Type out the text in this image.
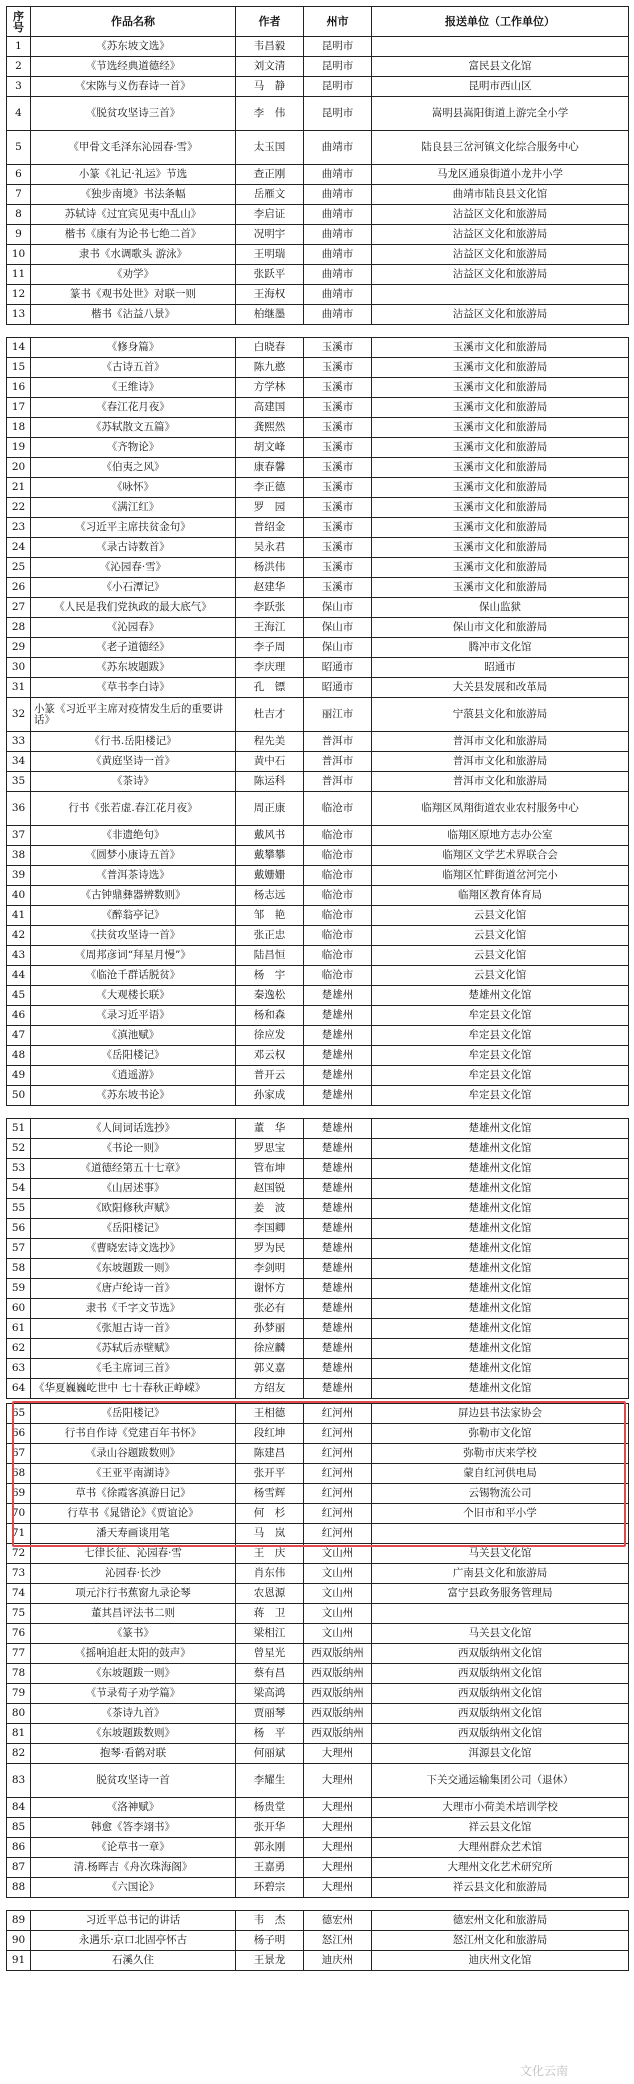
序号	作品名称	作者	州市	报送单位（工作单位）
1	《苏东坡文选》	韦昌毅	昆明市	
2	《节选经典道德经》	刘文清	昆明市	富民县文化馆
3	《宋陈与义伤春诗一首》	马　静	昆明市	昆明市西山区
4	《脱贫攻坚诗三首》	李　伟	昆明市	嵩明县嵩阳街道上游完全小学
5	《甲骨文毛泽东沁园春·雪》	太玉国	曲靖市	陆良县三岔河镇文化综合服务中心
6	小篆《礼记·礼运》节选	查正刚	曲靖市	马龙区通泉街道小龙井小学
7	《独步南境》书法条幅	岳雁文	曲靖市	曲靖市陆良县文化馆
8	苏轼诗《过宜宾见夷中乱山》	李启证	曲靖市	沾益区文化和旅游局
9	楷书《康有为论书七绝二首》	况明宇	曲靖市	沾益区文化和旅游局
10	隶书《水调歌头 游泳》	王明瑞	曲靖市	沾益区文化和旅游局
11	《劝学》	张跃平	曲靖市	沾益区文化和旅游局
12	篆书《观书处世》对联一则	王海权	曲靖市	
13	楷书《沾益八景》	柏继墨	曲靖市	沾益区文化和旅游局
14	《修身篇》	白晓春	玉溪市	玉溪市文化和旅游局
15	《古诗五首》	陈九憨	玉溪市	玉溪市文化和旅游局
16	《王维诗》	方学林	玉溪市	玉溪市文化和旅游局
17	《春江花月夜》	高建国	玉溪市	玉溪市文化和旅游局
18	《苏轼散文五篇》	龚熙然	玉溪市	玉溪市文化和旅游局
19	《齐物论》	胡文峰	玉溪市	玉溪市文化和旅游局
20	《伯夷之风》	康春馨	玉溪市	玉溪市文化和旅游局
21	《咏怀》	李正德	玉溪市	玉溪市文化和旅游局
22	《满江红》	罗　园	玉溪市	玉溪市文化和旅游局
23	《习近平主席扶贫金句》	普绍金	玉溪市	玉溪市文化和旅游局
24	《录古诗数首》	吴永君	玉溪市	玉溪市文化和旅游局
25	《沁园春·雪》	杨洪伟	玉溪市	玉溪市文化和旅游局
26	《小石潭记》	赵建华	玉溪市	玉溪市文化和旅游局
27	《人民是我们党执政的最大底气》	李跃张	保山市	保山监狱
28	《沁园春》	王海江	保山市	保山市文化和旅游局
29	《老子道德经》	李子周	保山市	腾冲市文化馆
30	《苏东坡题跋》	李庆理	昭通市	昭通市
31	《草书李白诗》	孔　镖	昭通市	大关县发展和改革局
32	小篆《习近平主席对疫情发生后的重要讲话》	杜吉才	丽江市	宁蒗县文化和旅游局
33	《行书.岳阳楼记》	程先美	普洱市	普洱市文化和旅游局
34	《黄庭坚诗一首》	黄中石	普洱市	普洱市文化和旅游局
35	《茶诗》	陈运科	普洱市	普洱市文化和旅游局
36	行书《张若虚.春江花月夜》	周正康	临沧市	临翔区凤翔街道农业农村服务中心
37	《非遗绝句》	戴风书	临沧市	临翔区原地方志办公室
38	《圆梦小康诗五首》	戴攀攀	临沧市	临翔区文学艺术界联合会
39	《普洱茶诗选》	戴姗姗	临沧市	临翔区忙畔街道岔河完小
40	《古钟鼎彝器辨数则》	杨志远	临沧市	临翔区教育体育局
41	《醉翁亭记》	邹　艳	临沧市	云县文化馆
42	《扶贫攻坚诗一首》	张正忠	临沧市	云县文化馆
43	《周邦彦词“拜星月慢”》	陆昌恒	临沧市	云县文化馆
44	《临沧千群话脱贫》	杨　宇	临沧市	云县文化馆
45	《大观楼长联》	秦逸松	楚雄州	楚雄州文化馆
46	《录习近平语》	杨和森	楚雄州	牟定县文化馆
47	《滇池赋》	徐应发	楚雄州	牟定县文化馆
48	《岳阳楼记》	邓云权	楚雄州	牟定县文化馆
49	《逍遥游》	普开云	楚雄州	牟定县文化馆
50	《苏东坡书论》	孙家成	楚雄州	牟定县文化馆
51	《人间词话选抄》	董　华	楚雄州	楚雄州文化馆
52	《书论一则》	罗思宝	楚雄州	楚雄州文化馆
53	《道德经第五十七章》	管布坤	楚雄州	楚雄州文化馆
54	《山居述事》	赵国锐	楚雄州	楚雄州文化馆
55	《欧阳修秋声赋》	姜　波	楚雄州	楚雄州文化馆
56	《岳阳楼记》	李国卿	楚雄州	楚雄州文化馆
57	《曹晓宏诗文选抄》	罗为民	楚雄州	楚雄州文化馆
58	《东坡题跋一则》	李剑明	楚雄州	楚雄州文化馆
59	《唐卢纶诗一首》	谢怀方	楚雄州	楚雄州文化馆
60	隶书《千字文节选》	张必有	楚雄州	楚雄州文化馆
61	《张旭古诗一首》	孙梦丽	楚雄州	楚雄州文化馆
62	《苏轼后赤壁赋》	徐应麟	楚雄州	楚雄州文化馆
63	《毛主席词三首》	郭义嘉	楚雄州	楚雄州文化馆
64	《华夏巍巍屹世中 七十春秋正峥嵘》	方绍友	楚雄州	楚雄州文化馆
65	《岳阳楼记》	王相德	红河州	屏边县书法家协会
66	行书自作诗《党建百年书怀》	段红坤	红河州	弥勒市文化馆
67	《录山谷题跋数则》	陈建昌	红河州	弥勒市庆来学校
68	《王亚平南湖诗》	张开平	红河州	蒙自红河供电局
69	草书《徐霞客滇游日记》	杨雪辉	红河州	云锡物流公司
70	行草书《晁错论》《贾谊论》	何　杉	红河州	个旧市和平小学
71	潘天寿画谈用笔	马　岚	红河州	
72	七律长征、沁园春·雪	王　庆	文山州	马关县文化馆
73	沁园春·长沙	肖东伟	文山州	广南县文化和旅游局
74	项元汴行书蕉窗九录论琴	农恩源	文山州	富宁县政务服务管理局
75	董其昌评法书二则	蒋　卫	文山州	
76	《篆书》	梁相江	文山州	马关县文化馆
77	《摇响追赶太阳的鼓声》	曾星光	西双版纳州	西双版纳州文化馆
78	《东坡题跋一则》	蔡有昌	西双版纳州	西双版纳州文化馆
79	《节录荀子劝学篇》	梁高鸿	西双版纳州	西双版纳州文化馆
80	《茶诗九首》	贾丽琴	西双版纳州	西双版纳州文化馆
81	《东坡题跋数则》	杨　平	西双版纳州	西双版纳州文化馆
82	抱琴·看鹤对联	何丽斌	大理州	洱源县文化馆
83	脱贫攻坚诗一首	李耀生	大理州	下关交通运输集团公司（退休）
84	《洛神赋》	杨贵堂	大理州	大理市小荷美术培训学校
85	韩愈《答李翊书》	张开华	大理州	祥云县文化馆
86	《论草书一章》	郭永刚	大理州	大理州群众艺术馆
87	清.杨晖吉《舟次珠海阁》	王嘉勇	大理州	大理州文化艺术研究所
88	《六国论》	环碧宗	大理州	祥云县文化和旅游局
89	习近平总书记的讲话	韦　杰	德宏州	德宏州文化和旅游局
90	永遇乐·京口北固亭怀古	杨子明	怒江州	怒江州文化和旅游局
91	石溪久住	王景龙	迪庆州	迪庆州文化馆
文化云南
